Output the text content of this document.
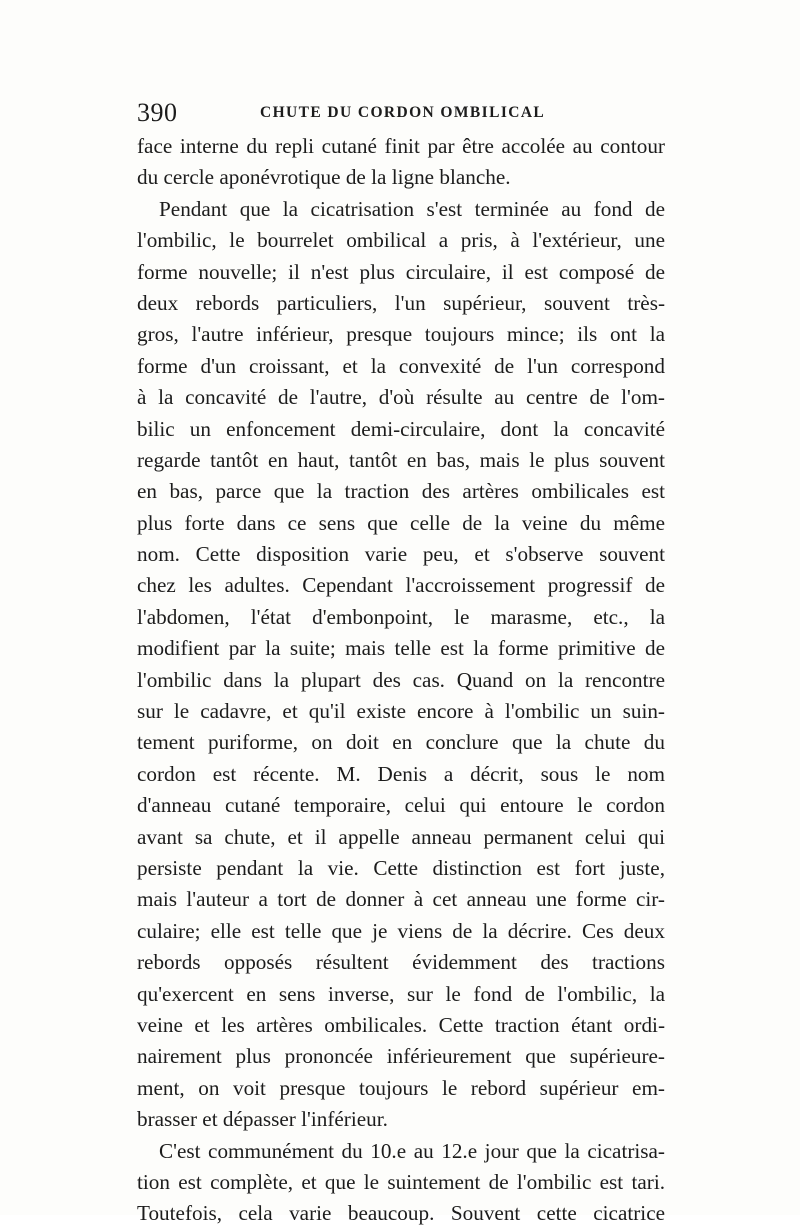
390	CHUTE DU CORDON OMBILICAL
face interne du repli cutané finit par être accolée au contour
du cercle aponévrotique de la ligne blanche.
Pendant que la cicatrisation s'est terminée au fond de
l'ombilic, le bourrelet ombilical a pris, à l'extérieur, une
forme nouvelle; il n'est plus circulaire, il est composé de
deux rebords particuliers, l'un supérieur, souvent très-
gros, l'autre inférieur, presque toujours mince; ils ont la
forme d'un croissant, et la convexité de l'un correspond
à la concavité de l'autre, d'où résulte au centre de l'om-
bilic un enfoncement demi-circulaire, dont la concavité
regarde tantôt en haut, tantôt en bas, mais le plus souvent
en bas, parce que la traction des artères ombilicales est
plus forte dans ce sens que celle de la veine du même
nom. Cette disposition varie peu, et s'observe souvent
chez les adultes. Cependant l'accroissement progressif de
l'abdomen, l'état d'embonpoint, le marasme, etc., la
modifient par la suite; mais telle est la forme primitive de
l'ombilic dans la plupart des cas. Quand on la rencontre
sur le cadavre, et qu'il existe encore à l'ombilic un suin-
tement puriforme, on doit en conclure que la chute du
cordon est récente. M. Denis a décrit, sous le nom
d'anneau cutané temporaire, celui qui entoure le cordon
avant sa chute, et il appelle anneau permanent celui qui
persiste pendant la vie. Cette distinction est fort juste,
mais l'auteur a tort de donner à cet anneau une forme cir-
culaire; elle est telle que je viens de la décrire. Ces deux
rebords opposés résultent évidemment des tractions
qu'exercent en sens inverse, sur le fond de l'ombilic, la
veine et les artères ombilicales. Cette traction étant ordi-
nairement plus prononcée inférieurement que supérieure-
ment, on voit presque toujours le rebord supérieur em-
brasser et dépasser l'inférieur.
C'est communément du 10.e au 12.e jour que la cicatrisa-
tion est complète, et que le suintement de l'ombilic est tari.
Toutefois, cela varie beaucoup. Souvent cette cicatrice
